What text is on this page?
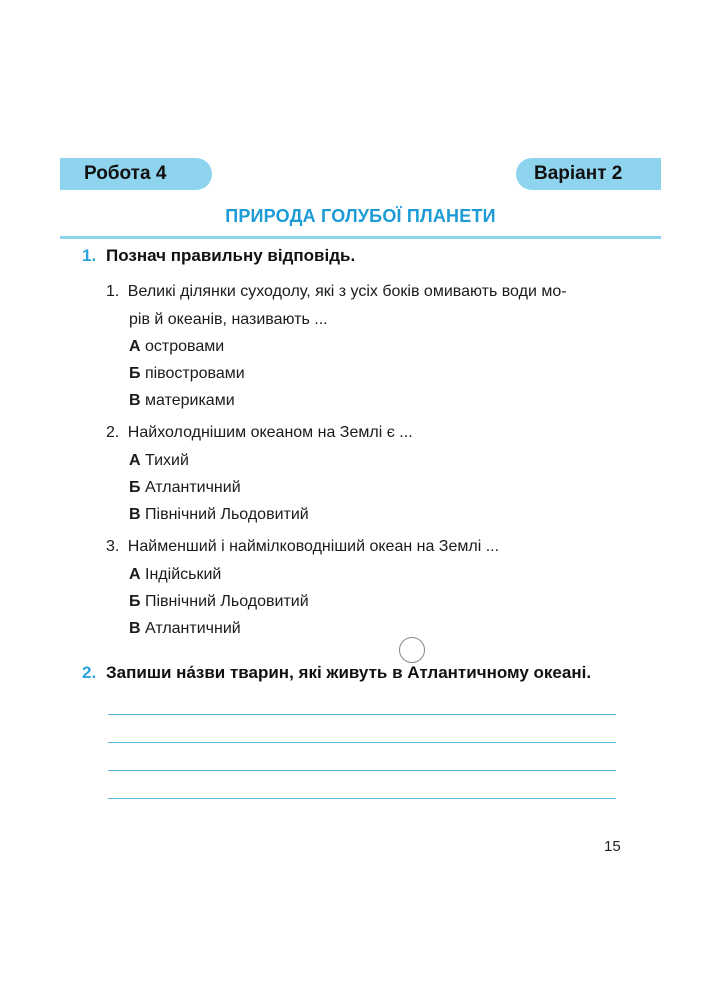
Робота 4	Варіант 2
ПРИРОДА ГОЛУБОЇ ПЛАНЕТИ
1. Познач правильну відповідь.
1. Великі ділянки суходолу, які з усіх боків омивають води мо-
рів й океанів, називають ...
А островами
Б півостровами
В материками
2. Найхолоднішим океаном на Землі є ...
А Тихий
Б Атлантичний
В Північний Льодовитий
3. Найменший і наймілководніший океан на Землі ...
А Індійський
Б Північний Льодовитий
В Атлантичний
2. Запиши на́зви тварин, які живуть в Атлантичному океані.
15
